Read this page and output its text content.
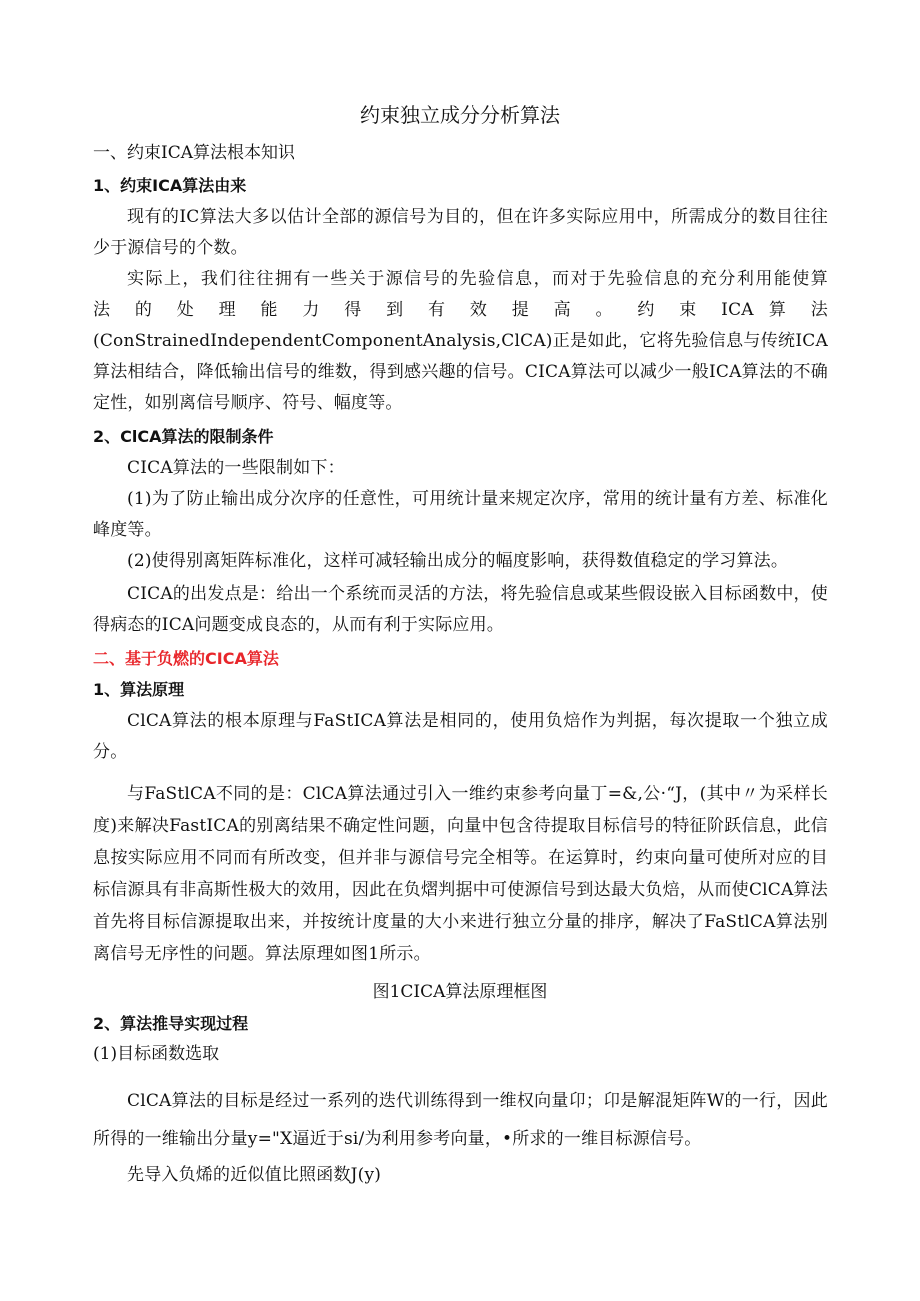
约束独立成分分析算法
一、约束ICA算法根本知识
1、约束ICA算法由来

现有的IC算法大多以估计全部的源信号为目的，但在许多实际应用中，所需成分的数目往往少于源信号的个数。

实际上，我们往往拥有一些关于源信号的先验信息，而对于先验信息的充分利用能使算

法 的 处 理 能 力 得 到 有 效 提 高 。 约 束 ICA 算 法

(ConStrainedIndependentComponentAnalysis,ClCA)正是如此，它将先验信息与传统ICA算法相结合，降低输出信号的维数，得到感兴趣的信号。CICA算法可以减少一般ICA算法的不确定性，如别离信号顺序、符号、幅度等。

2、ClCA算法的限制条件

CICA算法的一些限制如下：

(1)为了防止输出成分次序的任意性，可用统计量来规定次序，常用的统计量有方差、标准化峰度等。

(2)使得别离矩阵标准化，这样可减轻输出成分的幅度影响，获得数值稳定的学习算法。

CICA的出发点是：给出一个系统而灵活的方法，将先验信息或某些假设嵌入目标函数中，使得病态的ICA问题变成良态的，从而有利于实际应用。

二、基于负燃的CICA算法
1、算法原理

ClCA算法的根本原理与FaStICA算法是相同的，使用负焙作为判据，每次提取一个独立成分。

与FaStlCA不同的是：ClCA算法通过引入一维约束参考向量丁=&,公·“J，(其中〃为采样长度)来解决FastICA的别离结果不确定性问题，向量中包含待提取目标信号的特征阶跃信息，此信息按实际应用不同而有所改变，但并非与源信号完全相等。在运算时，约束向量可使所对应的目标信源具有非高斯性极大的效用，因此在负熠判据中可使源信号到达最大负焙，从而使ClCA算法首先将目标信源提取出来，并按统计度量的大小来进行独立分量的排序，解决了FaStlCA算法别离信号无序性的问题。算法原理如图1所示。

图1CICA算法原理框图

2、算法推导实现过程
(1)目标函数选取

ClCA算法的目标是经过一系列的迭代训练得到一维权向量卬；卬是解混矩阵W的一行，因此所得的一维输出分量y="X逼近于si/为利用参考向量，•所求的一维目标源信号。

先导入负烯的近似值比照函数J(y)
